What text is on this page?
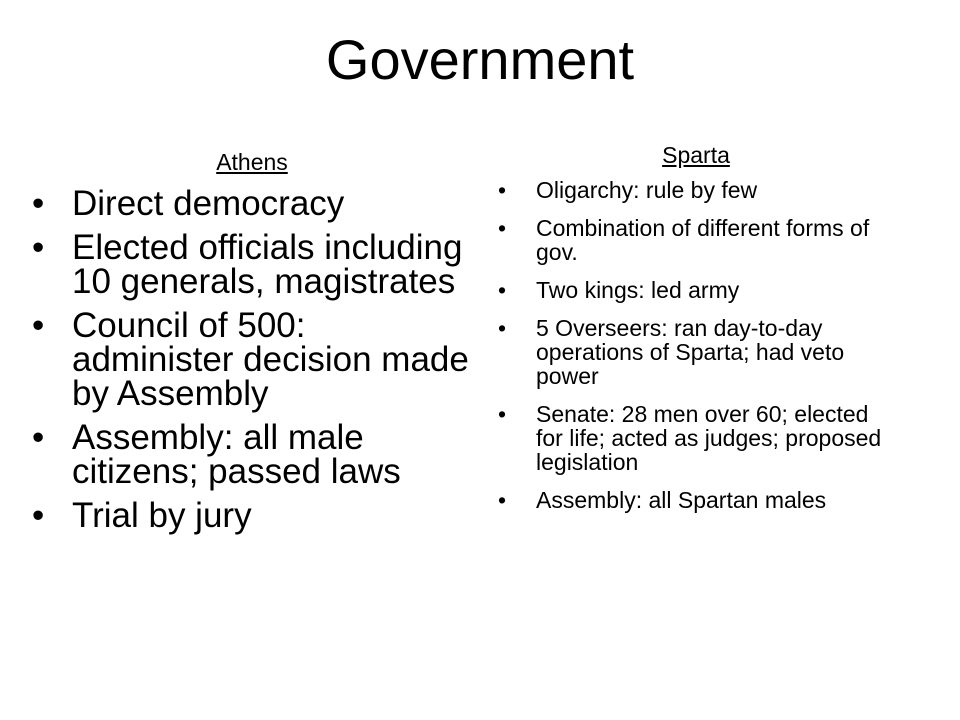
Government
Athens
• Direct democracy
• Elected officials including 10 generals, magistrates
• Council of 500: administer decision made by Assembly
• Assembly: all male citizens; passed laws
• Trial by jury
Sparta
• Oligarchy: rule by few
• Combination of different forms of gov.
• Two kings: led army
• 5 Overseers: ran day-to-day operations of Sparta; had veto power
• Senate: 28 men over 60; elected for life; acted as judges; proposed legislation
• Assembly: all Spartan males
